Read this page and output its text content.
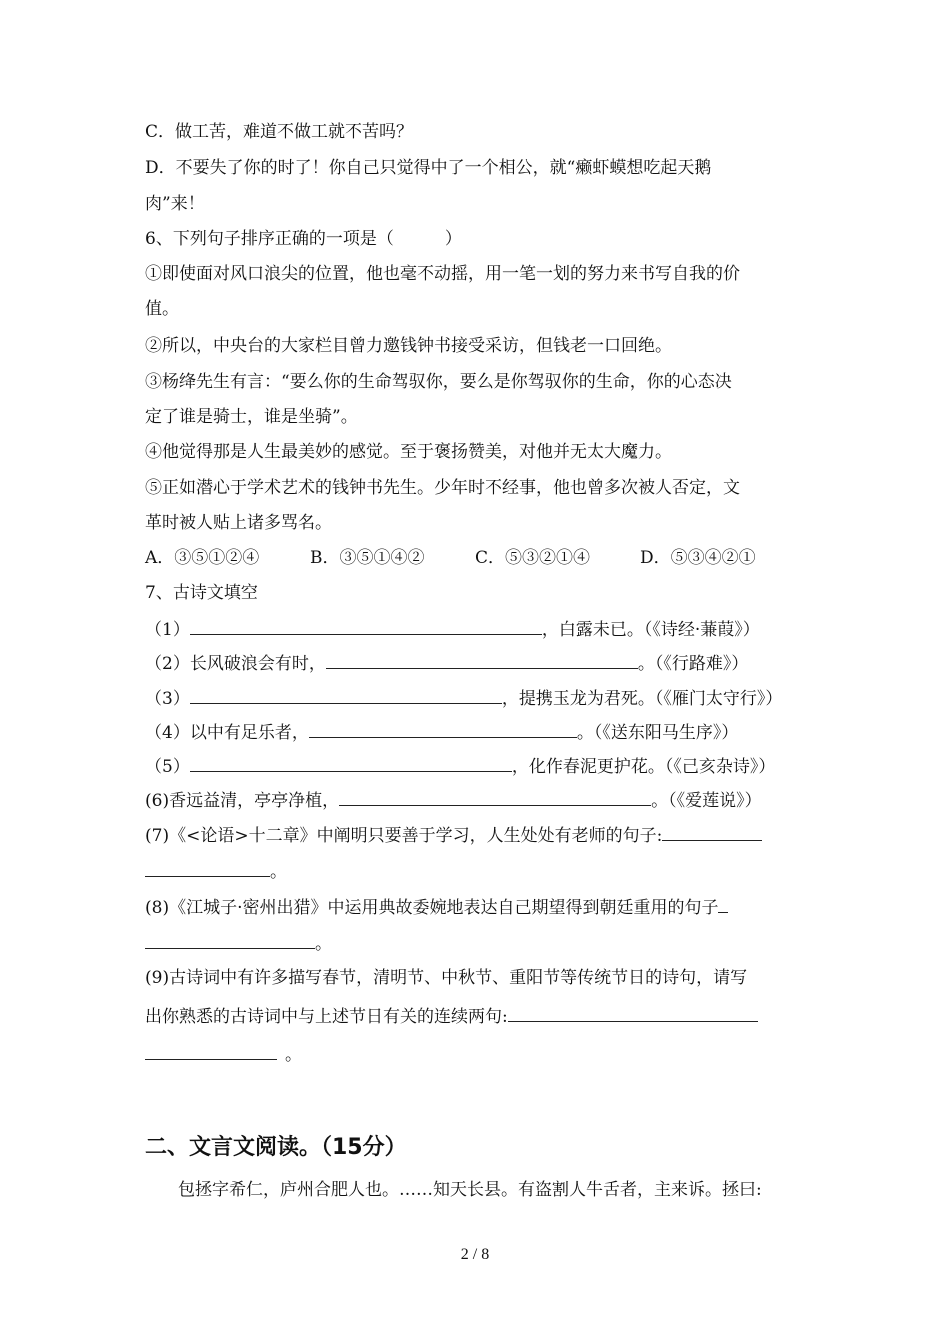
C．做工苦，难道不做工就不苦吗？
D．不要失了你的时了！你自己只觉得中了一个相公，就“癞虾蟆想吃起天鹅
肉”来！
6、下列句子排序正确的一项是（　　　）
①即使面对风口浪尖的位置，他也毫不动摇，用一笔一划的努力来书写自我的价
值。
②所以，中央台的大家栏目曾力邀钱钟书接受采访，但钱老一口回绝。
③杨绛先生有言：“要么你的生命驾驭你，要么是你驾驭你的生命，你的心态决
定了谁是骑士，谁是坐骑”。
④他觉得那是人生最美妙的感觉。至于褒扬赞美，对他并无太大魔力。
⑤正如潜心于学术艺术的钱钟书先生。少年时不经事，他也曾多次被人否定，文
革时被人贴上诸多骂名。
A．③⑤①②④	B．③⑤①④②	C．⑤③②①④	D．⑤③④②①
7、古诗文填空
（1）	，白露未已。（《诗经·蒹葭》）
（2）长风破浪会有时，	。（《行路难》）
（3）	，提携玉龙为君死。（《雁门太守行》）
（4）以中有足乐者，	。（《送东阳马生序》）
（5）	，化作春泥更护花。（《己亥杂诗》）
(6)香远益清，亭亭净植，	。（《爱莲说》）
(7)《<论语>十二章》中阐明只要善于学习，人生处处有老师的句子:
。
(8)《江城子·密州出猎》中运用典故委婉地表达自己期望得到朝廷重用的句子
。
(9)古诗词中有许多描写春节，清明节、中秋节、重阳节等传统节日的诗句，请写
出你熟悉的古诗词中与上述节日有关的连续两句:
。
二、文言文阅读。（15分）
包拯字希仁，庐州合肥人也。……知天长县。有盗割人牛舌者，主来诉。拯曰:
2 / 8
